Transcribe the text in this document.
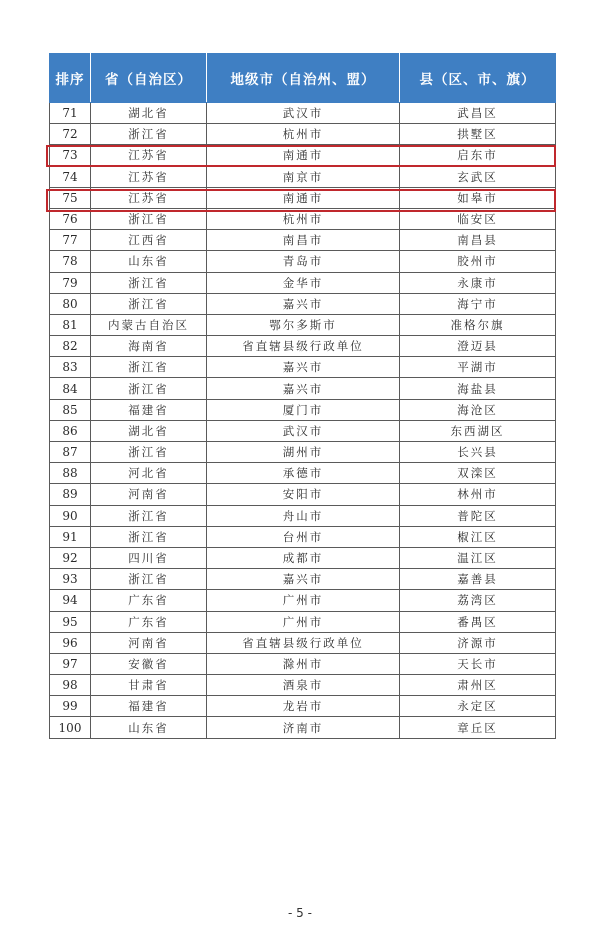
排序	省（自治区）	地级市（自治州、盟）	县（区、市、旗）
71	湖北省	武汉市	武昌区
72	浙江省	杭州市	拱墅区
73	江苏省	南通市	启东市
74	江苏省	南京市	玄武区
75	江苏省	南通市	如皋市
76	浙江省	杭州市	临安区
77	江西省	南昌市	南昌县
78	山东省	青岛市	胶州市
79	浙江省	金华市	永康市
80	浙江省	嘉兴市	海宁市
81	内蒙古自治区	鄂尔多斯市	准格尔旗
82	海南省	省直辖县级行政单位	澄迈县
83	浙江省	嘉兴市	平湖市
84	浙江省	嘉兴市	海盐县
85	福建省	厦门市	海沧区
86	湖北省	武汉市	东西湖区
87	浙江省	湖州市	长兴县
88	河北省	承德市	双滦区
89	河南省	安阳市	林州市
90	浙江省	舟山市	普陀区
91	浙江省	台州市	椒江区
92	四川省	成都市	温江区
93	浙江省	嘉兴市	嘉善县
94	广东省	广州市	荔湾区
95	广东省	广州市	番禺区
96	河南省	省直辖县级行政单位	济源市
97	安徽省	滁州市	天长市
98	甘肃省	酒泉市	肃州区
99	福建省	龙岩市	永定区
100	山东省	济南市	章丘区
- 5 -
